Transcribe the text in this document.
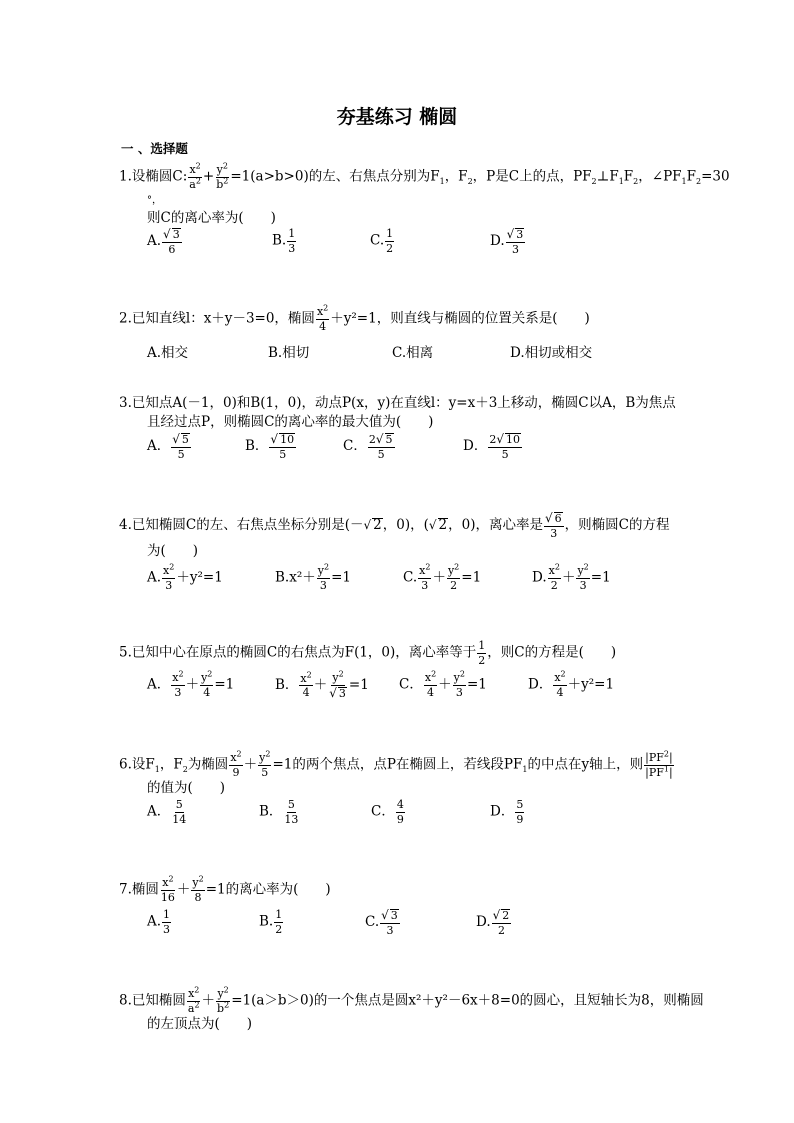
夯基练习 椭圆
一 、选择题
1.设椭圆C: $\frac{x^2}{a^2} + \frac{y^2}{b^2} =1(a>b>0)$的左、右焦点分别为$F_1$，$F_2$，P是C上的点，$PF_2\perp F_1F_2$，$\angle PF_1F_2=30$
°，
则C的离心率为(　　)
A. $\frac{√ 3}{6}$	B. $\frac{1}{3}$	C. $\frac{1}{2}$	D. $\frac{√ 3}{3}$
2.已知直线l：x＋y－3=0，椭圆 $\frac{x^2}{4} +y^2=1$，则直线与椭圆的位置关系是(　　)
A.相交	B.相切	C.相离	D.相切或相交
3.已知点A(－1，0)和B(1，0)，动点P(x，y)在直线l：y=x＋3上移动，椭圆C以A，B为焦点
且经过点P，则椭圆C的离心率的最大值为(　　)
A． $\frac{√ 5}{5}$	B． $\frac{√ 10}{5}$	C． $\frac{2√ 5}{5}$	D． $\frac{2√ 10}{5}$
4.已知椭圆C的左、右焦点坐标分别是(－√ 2，0)，(√ 2，0)，离心率是 $\frac{√ 6}{3}$ ，则椭圆C的方程
为(　　)
A. $\frac{x^2}{3} +y^2=1$	$B.x^2+ \frac{y^2}{3} =1$	C. $\frac{x^2}{3} + \frac{y^2}{2} =1$	D. $\frac{x^2}{2} + \frac{y^2}{3} =1$
5.已知中心在原点的椭圆C的右焦点为F(1，0)，离心率等于 $\frac{1}{2}$ ，则C的方程是(　　)
A． $\frac{x^2}{3} + \frac{y^2}{4} =1$	B． $\frac{x^2}{4} + \frac{y^2}{√ 3} =1$ C． $\frac{x^2}{4} + \frac{y^2}{3} =1$	D． $\frac{x^2}{4} +y^2=1$
6.设$F_1$，$F_2$为椭圆 $\frac{x^2}{9} + \frac{y^2}{5} =1$的两个焦点，点P在椭圆上，若线段$PF_1$的中点在y轴上，则 $\frac{|PF^2|}{|PF^1|}$
的值为(　　)
A． $\frac{5}{14}$	B． $\frac{5}{13}$	C． $\frac{4}{9}$	D． $\frac{5}{9}$
7.椭圆 $\frac{x^2}{16} + \frac{y^2}{8} =1$的离心率为(　　)
A. $\frac{1}{3}$	B. $\frac{1}{2}$	C. $\frac{√ 3}{3}$	D. $\frac{√ 2}{2}$
8.已知椭圆 $\frac{x^2}{a^2} + \frac{y^2}{b^2} =1(a>b>0)$的一个焦点是圆x²＋y²－6x＋8=0的圆心，且短轴长为8，则椭圆
的左顶点为(　　)
